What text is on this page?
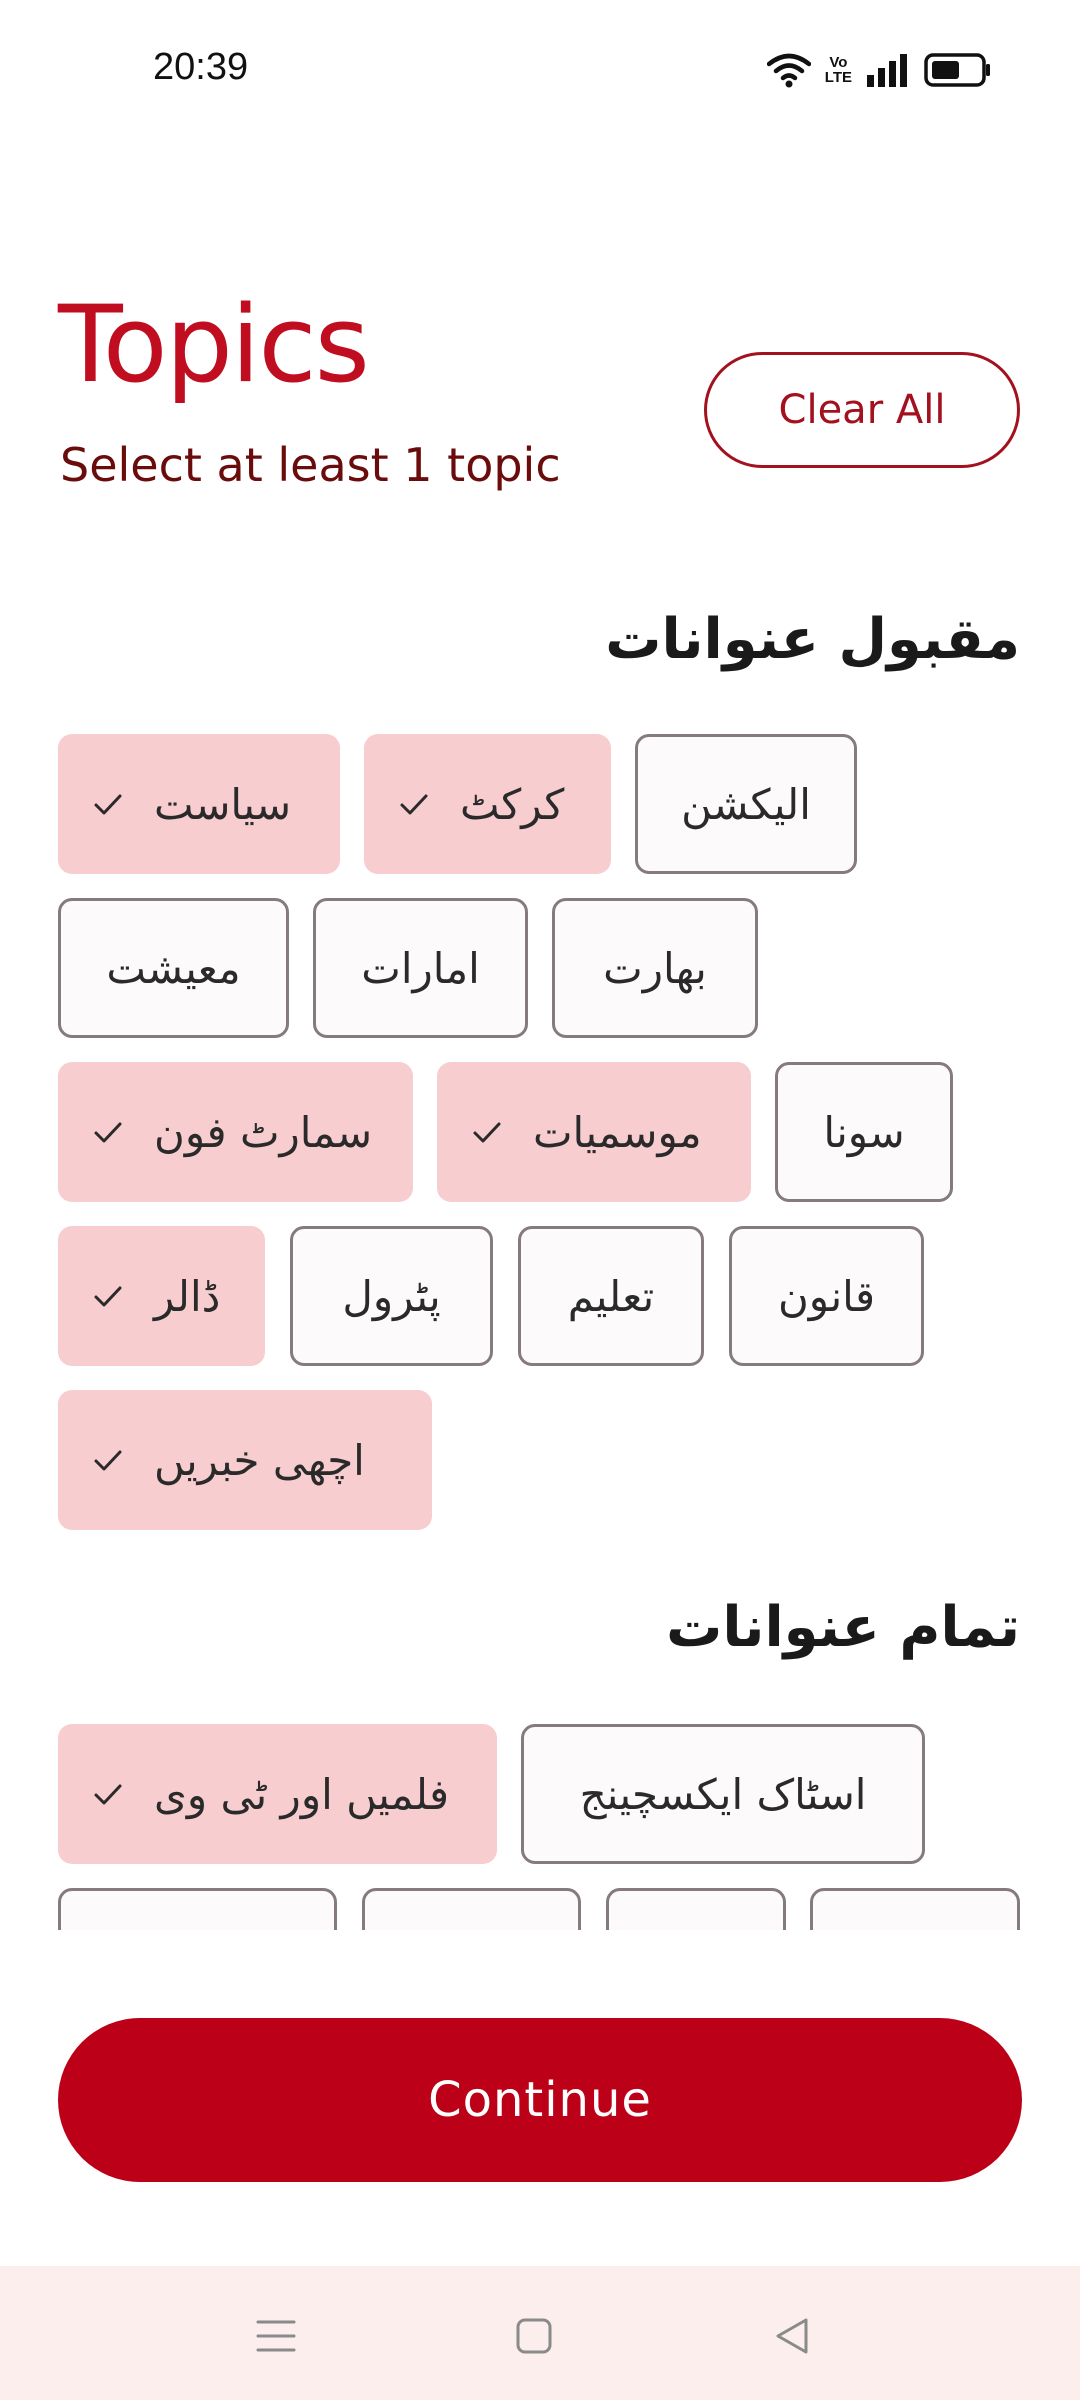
20:39	Vo
LTE
Topics
Select at least 1 topic
Clear All
مقبول عنوانات
سیاست	کرکٹ	الیکشن
معیشت	امارات	بھارت
سمارٹ فون	موسمیات	سونا
ڈالر	پٹرول	تعلیم	قانون
اچھی خبریں
تمام عنوانات
فلمیں اور ٹی وی	اسٹاک ایکسچینج
Continue
